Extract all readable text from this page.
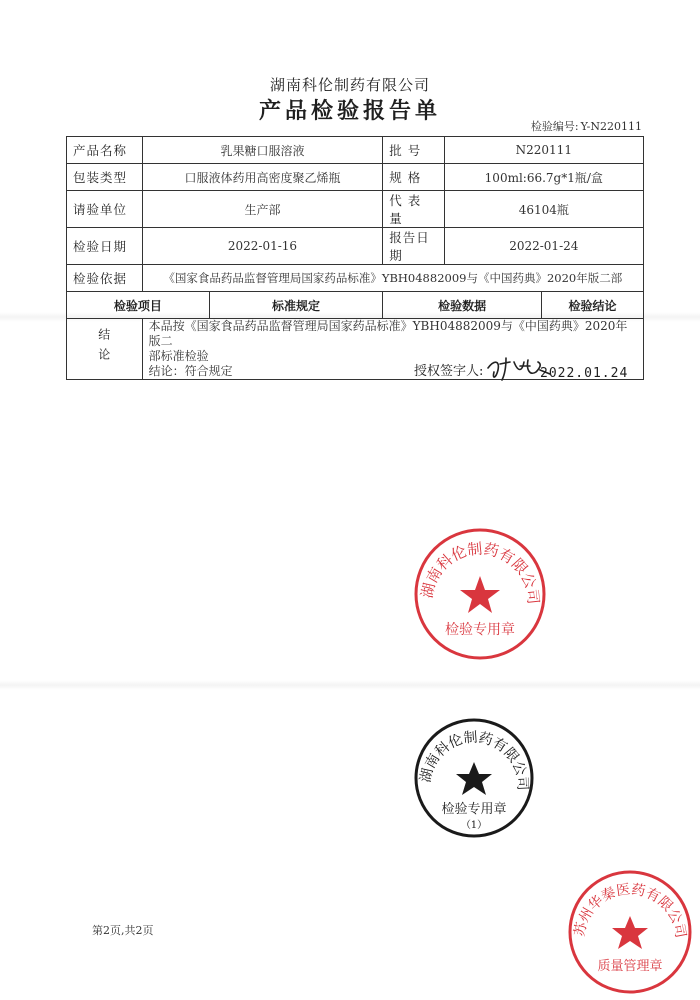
湖南科伦制药有限公司
产品检验报告单
检验编号: Y-N220111
产品名称	乳果糖口服溶液		批 号	N220111	
包装类型	口服液体药用高密度聚乙烯瓶		规 格	100ml:66.7g*1瓶/盒	
请验单位	生产部		代 表 量	46104瓶	
检验日期	2022-01-16		报告日期	2022-01-24	
检验依据	《国家食品药品监督管理局国家药品标准》YBH04882009与《中国药典》2020年版二部				
检验项目		标准规定	检验数据		检验结论
结论	本品按《国家食品药品监督管理局国家药品标准》YBH04882009与《中国药典》2020年版二
部标准检验
结论：符合规定					授权签字人:	2022.01.24
湖南科伦制药有限公司
检验专用章
湖南科伦制药有限公司
检验专用章
（1）
苏州华秦医药有限公司
质量管理章
第2页,共2页
